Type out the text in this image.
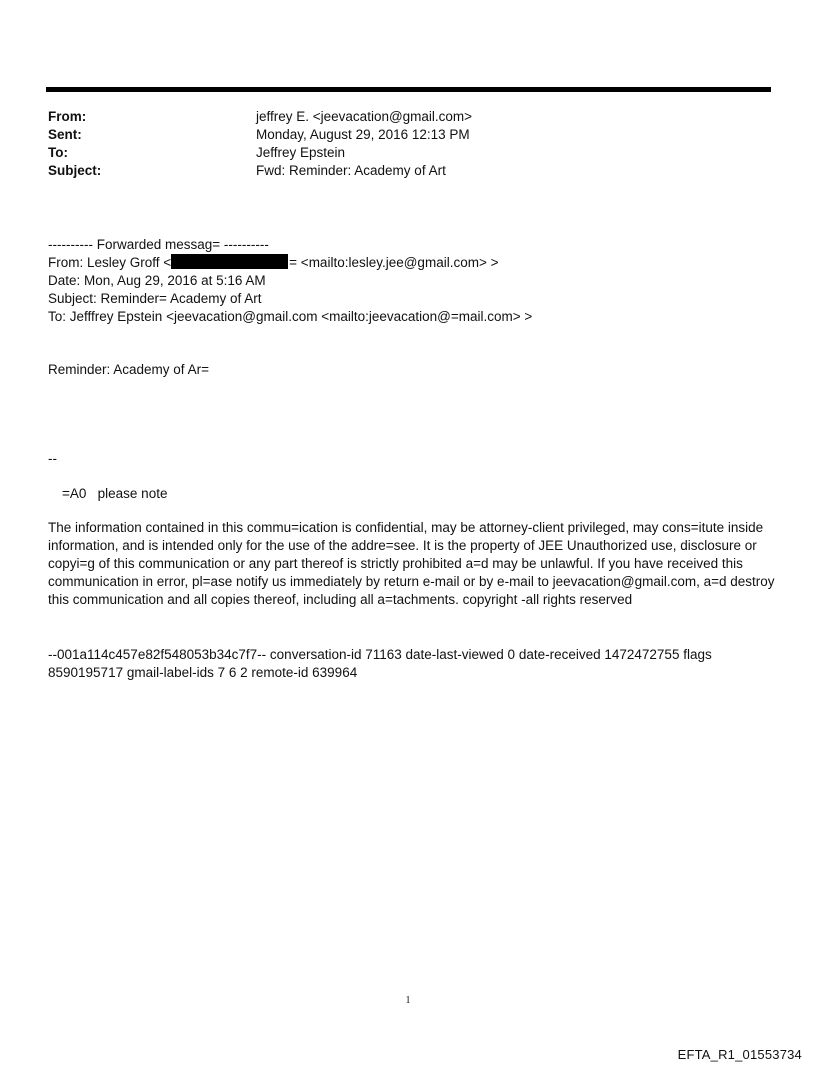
From:	jeffrey E. <jeevacation@gmail.com>
Sent:	Monday, August 29, 2016 12:13 PM
To:	Jeffrey Epstein
Subject:	Fwd: Reminder: Academy of Art
---------- Forwarded messag= ----------
From: Lesley Groff <	= <mailto:lesley.jee@gmail.com> >
Date: Mon, Aug 29, 2016 at 5:16 AM
Subject: Reminder= Academy of Art
To: Jefffrey Epstein <jeevacation@gmail.com <mailto:jeevacation@=mail.com> >
Reminder: Academy of Ar=
--
=A0   please note
The information contained in this commu=ication is confidential, may be attorney-client privileged, may cons=itute inside information, and is intended only for the use of the addre=see. It is the property of JEE Unauthorized use, disclosure or copyi=g of this communication or any part thereof is strictly prohibited a=d may be unlawful. If you have received this communication in error, pl=ase notify us immediately by return e-mail or by e-mail to jeevacation@gmail.com, a=d destroy this communication and all copies thereof, including all a=tachments. copyright -all rights reserved
--001a114c457e82f548053b34c7f7-- conversation-id 71163 date-last-viewed 0 date-received 1472472755 flags 8590195717 gmail-label-ids 7 6 2 remote-id 639964
1
EFTA_R1_01553734
